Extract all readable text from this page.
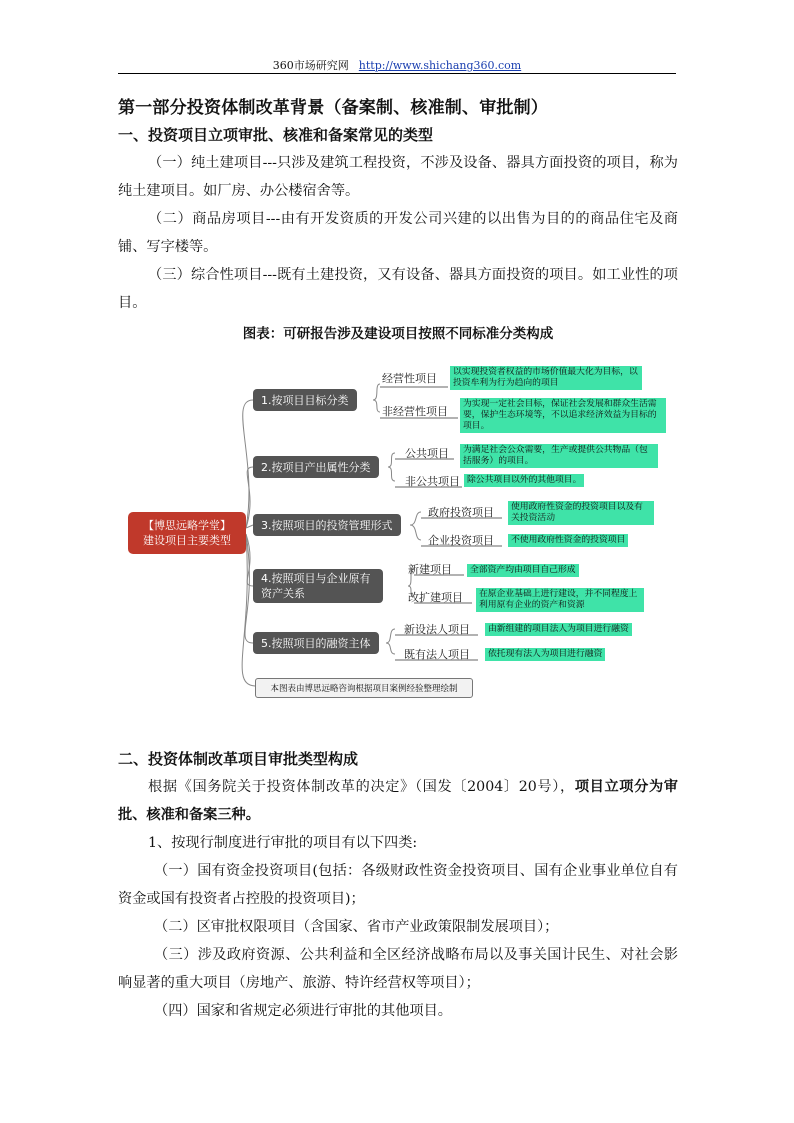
360市场研究网 http://www.shichang360.com

第一部分投资体制改革背景（备案制、核准制、审批制）

一、投资项目立项审批、核准和备案常见的类型

（一）纯土建项目---只涉及建筑工程投资，不涉及设备、器具方面投资的项目，称为纯土建项目。如厂房、办公楼宿舍等。

（二）商品房项目---由有开发资质的开发公司兴建的以出售为目的的商品住宅及商铺、写字楼等。

（三）综合性项目---既有土建投资，又有设备、器具方面投资的项目。如工业性的项目。

图表：可研报告涉及建设项目按照不同标准分类构成

【博思远略学堂】
建设项目主要类型
1.按项目目标分类
2.按项目产出属性分类
3.按照项目的投资管理形式
4.按照项目与企业原有资产关系
5.按照项目的融资主体
经营性项目	以实现投资者权益的市场价值最大化为目标，以投资牟利为行为趋向的项目
非经营性项目
为实现一定社会目标，保证社会发展和群众生活需要，保护生态环境等，不以追求经济效益为目标的项目。
公共项目	为满足社会公众需要，生产或提供公共物品（包括服务）的项目。
非公共项目 除公共项目以外的其他项目。
政府投资项目	使用政府性资金的投资项目以及有关投资活动
企业投资项目	不使用政府性资金的投资项目
新建项目	全部资产均由项目自己形成
改扩建项目	在原企业基础上进行建设，并不同程度上利用原有企业的资产和资源
新设法人项目	由新组建的项目法人为项目进行融资
既有法人项目	依托现有法人为项目进行融资
本图表由博思远略咨询根据项目案例经验整理绘制

二、投资体制改革项目审批类型构成

根据《国务院关于投资体制改革的决定》（国发〔2004〕20号），项目立项分为审批、核准和备案三种。

1、按现行制度进行审批的项目有以下四类:

（一）国有资金投资项目(包括：各级财政性资金投资项目、国有企业事业单位自有资金或国有投资者占控股的投资项目)；

（二）区审批权限项目（含国家、省市产业政策限制发展项目）；

（三）涉及政府资源、公共利益和全区经济战略布局以及事关国计民生、对社会影响显著的重大项目（房地产、旅游、特许经营权等项目）；

（四）国家和省规定必须进行审批的其他项目。
